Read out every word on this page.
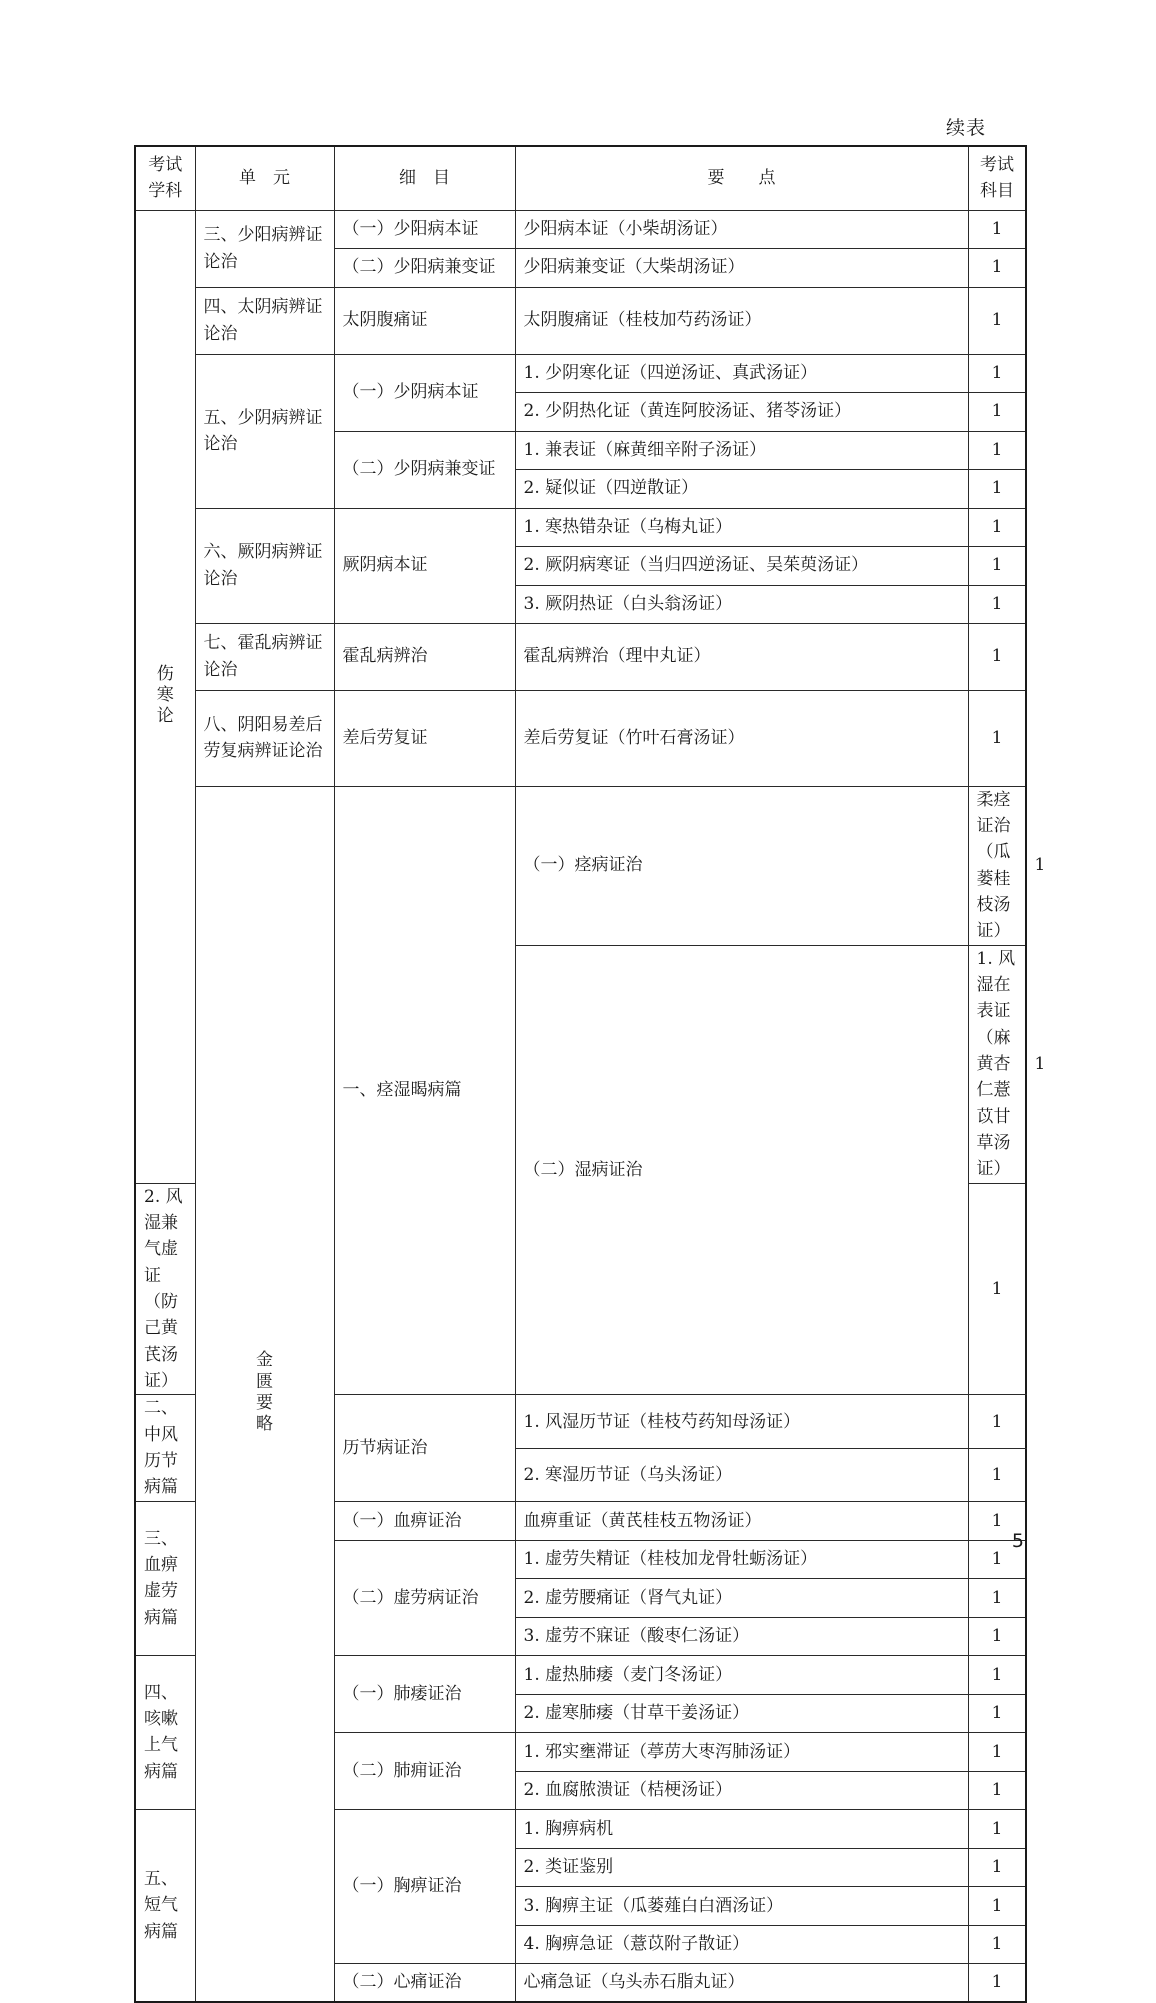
续表
考试学科	单　元	细　目	要　　点	考试科目	
伤寒论	三、少阳病辨证论治	（一）少阳病本证	少阳病本证（小柴胡汤证）	1	
		（二）少阳病兼变证	少阳病兼变证（大柴胡汤证）	1	
	四、太阴病辨证论治	太阴腹痛证	太阴腹痛证（桂枝加芍药汤证）	1	
	五、少阴病辨证论治	（一）少阴病本证	1. 少阴寒化证（四逆汤证、真武汤证）	1	
			2. 少阴热化证（黄连阿胶汤证、猪苓汤证）	1	
		（二）少阴病兼变证	1. 兼表证（麻黄细辛附子汤证）	1	
			2. 疑似证（四逆散证）	1	
	六、厥阴病辨证论治	厥阴病本证	1. 寒热错杂证（乌梅丸证）	1	
			2. 厥阴病寒证（当归四逆汤证、吴茱萸汤证）	1	
			3. 厥阴热证（白头翁汤证）	1	
	七、霍乱病辨证论治	霍乱病辨治	霍乱病辨治（理中丸证）	1	
	八、阴阳易差后劳复病辨证论治	差后劳复证	差后劳复证（竹叶石膏汤证）	1	
	金匮要略	一、痉湿暍病篇	（一）痉病证治	柔痉证治（瓜蒌桂枝汤证）	1
			（二）湿病证治	1. 风湿在表证（麻黄杏仁薏苡甘草汤证）	1
2. 风湿兼气虚证（防己黄芪汤证）				1	
二、中风历节病篇		历节病证治	1. 风湿历节证（桂枝芍药知母汤证）	1	
			2. 寒湿历节证（乌头汤证）	1	
三、血痹虚劳病篇		（一）血痹证治	血痹重证（黄芪桂枝五物汤证）	1	
		（二）虚劳病证治	1. 虚劳失精证（桂枝加龙骨牡蛎汤证）	1	
			2. 虚劳腰痛证（肾气丸证）	1	
			3. 虚劳不寐证（酸枣仁汤证）	1	
四、咳嗽上气病篇		（一）肺痿证治	1. 虚热肺痿（麦门冬汤证）	1	
			2. 虚寒肺痿（甘草干姜汤证）	1	
		（二）肺痈证治	1. 邪实壅滞证（葶苈大枣泻肺汤证）	1	
			2. 血腐脓溃证（桔梗汤证）	1	
五、短气病篇		（一）胸痹证治	1. 胸痹病机	1	
			2. 类证鉴别	1	
			3. 胸痹主证（瓜蒌薤白白酒汤证）	1	
			4. 胸痹急证（薏苡附子散证）	1	
		（二）心痛证治	心痛急证（乌头赤石脂丸证）	1	
5
